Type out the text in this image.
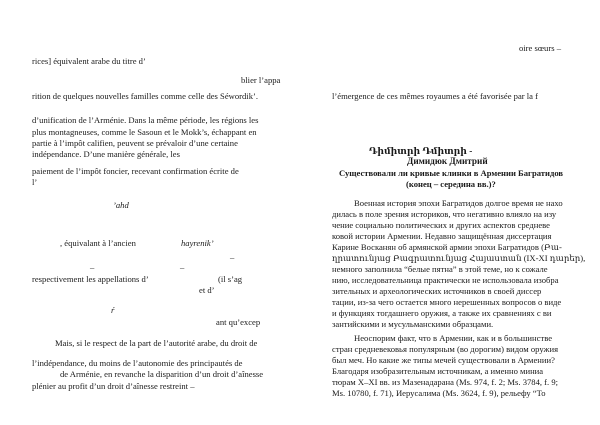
rices] équivalent arabe du titre d’
blier l’appa
rition de quelques nouvelles familles comme celle des Séwordik’.
d’unification de l’Arménie. Dans la même période, les régions les
plus montagneuses, comme le Sasoun et le Mokk’s, échappant en
partie à l’impôt califien, peuvent se prévaloir d’une certaine
indépendance. D’une manière générale, les
paiement de l’impôt foncier, recevant confirmation écrite de
l’
’ahd
, équivalant à l’ancien	hayrenik’
–
–	–
respectivement les appellations d’	(il s’ag
et d’
ŕ
ant qu’excep
Mais, si le respect de la part de l’autorité arabe, du droit de
l’indépendance, du moins de l’autonomie des principautés de
de Arménie, en revanche la disparition d’un droit d’aînesse
plénier au profit d’un droit d’aînesse restreint –
oire sœurs –
l’émergence de ces mêmes royaumes a été favorisée par la f
Դիմիտրի Դմիտրի -
Димидюк Дмитрий
Существовали ли кривые клинки в Армении Багратидов
(конец – середина вв.)?
Военная история эпохи Багратидов долгое время не нахо
дилась в поле зрения историков, что негативно влияло на изу
чение социально политических и других аспектов средневе
ковой истории Армении. Недавно защищённая диссертация
Карине Восканян об армянской армии эпохи Багратидов (Բա-
ղրատունյաց Բագրատունյաց Հայաստան (IX-XI դարեր),
немного заполнила “белые пятна” в этой теме, но к сожале
нию, исследовательница практически не использовала изобра
зительных и археологических источников в своей диссер
тации, из-за чего остается много нерешенных вопросов о виде
и функциях тогдашнего оружия, а также их сравнениях с ви
зантийскими и мусульманскими образцами.
Неоспорим факт, что в Армении, как и в большинстве
стран средневековья популярным (во дорогим) видом оружия
был меч. Но какие же типы мечей существовали в Армении?
Благодаря изобразительным источникам, а именно миниа
тюрам X–XI вв. из Мазенадарана (Ms. 974, f. 2; Ms. 3784, f. 9;
Ms. 10780, f. 71), Иерусалима (Ms. 3624, f. 9), рельефу “То
